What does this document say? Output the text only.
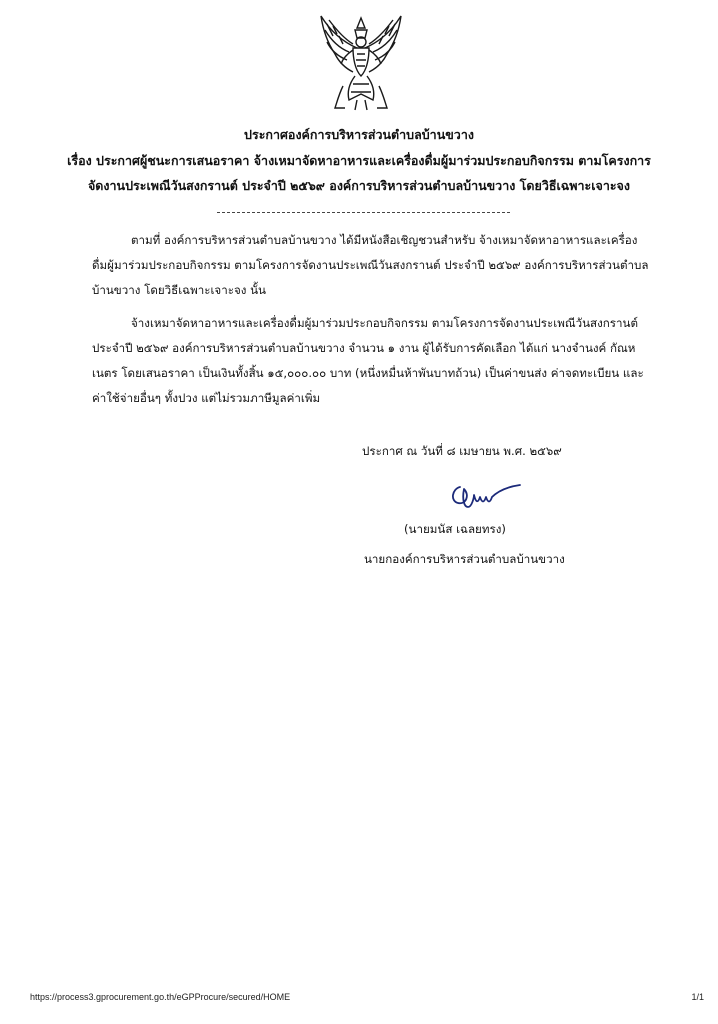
ประกาศองค์การบริหารส่วนตำบลบ้านขวาง
เรื่อง ประกาศผู้ชนะการเสนอราคา จ้างเหมาจัดหาอาหารและเครื่องดื่มผู้มาร่วมประกอบกิจกรรม ตามโครงการ
จัดงานประเพณีวันสงกรานต์ ประจำปี ๒๕๖๙ องค์การบริหารส่วนตำบลบ้านขวาง โดยวิธีเฉพาะเจาะจง

ตามที่ องค์การบริหารส่วนตำบลบ้านขวาง ได้มีหนังสือเชิญชวนสำหรับ จ้างเหมาจัดหาอาหารและเครื่อง
ดื่มผู้มาร่วมประกอบกิจกรรม ตามโครงการจัดงานประเพณีวันสงกรานต์ ประจำปี ๒๕๖๙ องค์การบริหารส่วนตำบล
บ้านขวาง โดยวิธีเฉพาะเจาะจง นั้น

จ้างเหมาจัดหาอาหารและเครื่องดื่มผู้มาร่วมประกอบกิจกรรม ตามโครงการจัดงานประเพณีวันสงกรานต์
ประจำปี ๒๕๖๙ องค์การบริหารส่วนตำบลบ้านขวาง จำนวน ๑ งาน ผู้ได้รับการคัดเลือก ได้แก่ นางจำนงค์ กัณห
เนตร โดยเสนอราคา เป็นเงินทั้งสิ้น ๑๕,๐๐๐.๐๐ บาท (หนึ่งหมื่นห้าพันบาทถ้วน) เป็นค่าขนส่ง ค่าจดทะเบียน และ
ค่าใช้จ่ายอื่นๆ ทั้งปวง แต่ไม่รวมภาษีมูลค่าเพิ่ม

ประกาศ ณ วันที่ ๘ เมษายน พ.ศ. ๒๕๖๙
(นายมนัส เฉลยทรง)
นายกองค์การบริหารส่วนตำบลบ้านขวาง
https://process3.gprocurement.go.th/eGPProcure/secured/HOME	1/1
